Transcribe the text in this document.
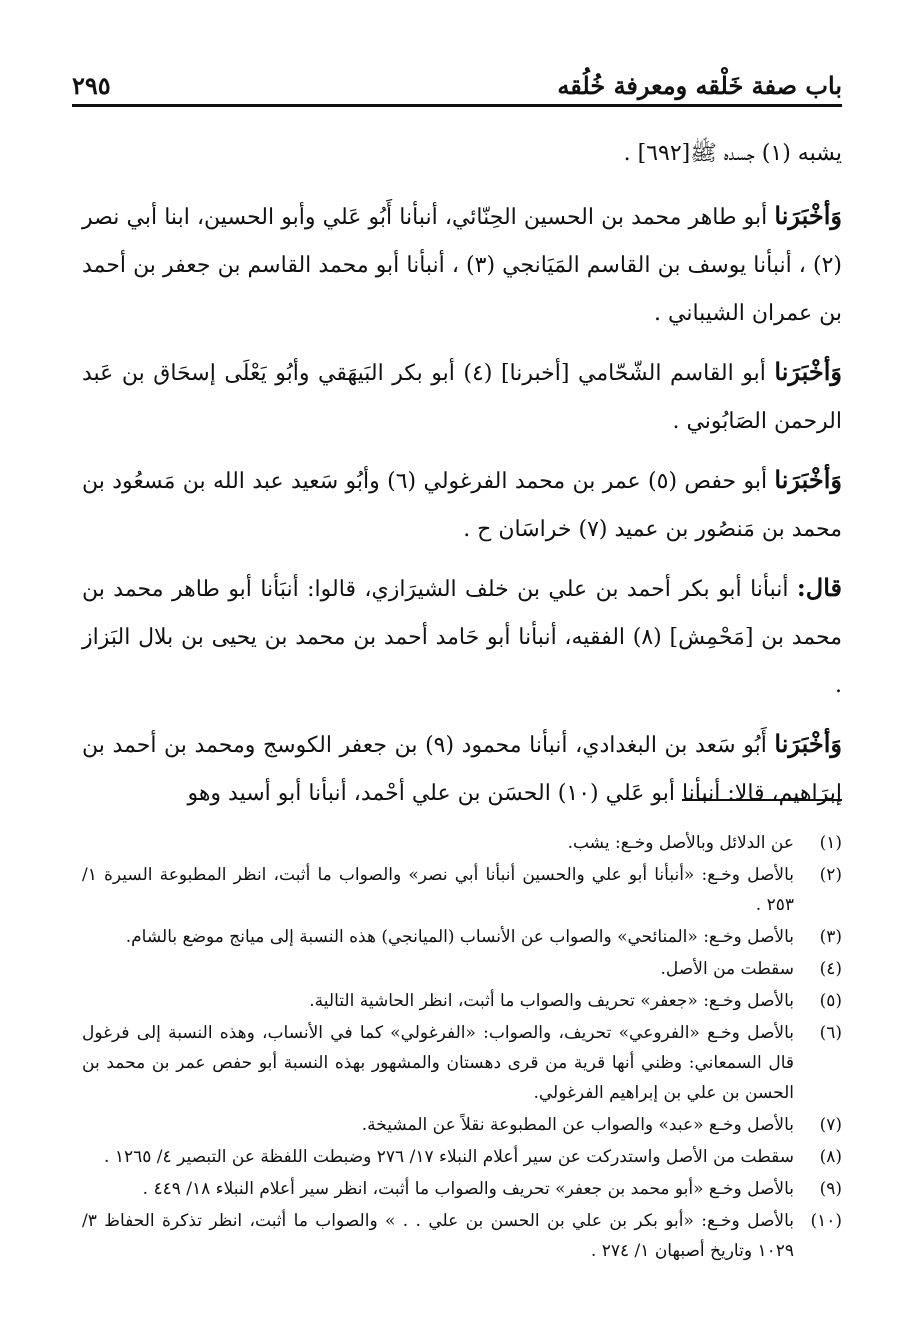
باب صفة خَلْقه ومعرفة خُلُقه
٢٩٥

يشبه (١) جسده ﷺ[٦٩٢] .

وَأخْبَرَنا أبو طاهر محمد بن الحسين الحِنّائي، أنبأنا أَبُو عَلي وأبو الحسين، ابنا أبي نصر (٢) ، أنبأنا يوسف بن القاسم المَيَانجي (٣) ، أنبأنا أبو محمد القاسم بن جعفر بن أحمد بن عمران الشيباني .

وَأخْبَرَنا أبو القاسم الشّحّامي [أخبرنا] (٤) أبو بكر البَيهَقي وأبُو يَعْلَى إسحَاق بن عَبد الرحمن الصَابُوني .

وَأخْبَرَنا أبو حفص (٥) عمر بن محمد الفرغولي (٦) وأبُو سَعيد عبد الله بن مَسعُود بن محمد بن مَنصُور بن عميد (٧) خراسَان ح .

قال: أنبأنا أبو بكر أحمد بن علي بن خلف الشيرَازي، قالوا: أنبَأنا أبو طاهر محمد بن محمد بن [مَحْمِش] (٨) الفقيه، أنبأنا أبو حَامد أحمد بن محمد بن يحيى بن بلال البَزاز .

وَأخْبَرَنا أَبُو سَعد بن البغدادي، أنبأنا محمود (٩) بن جعفر الكوسج ومحمد بن أحمد بن إبرَاهيم، قالا: أنبأنا أبو عَلي (١٠) الحسَن بن علي أحْمد، أنبأنا أبو أسيد وهو

(١)
عن الدلائل وبالأصل وخـع: يشب.
(٢)
بالأصل وخـع: «أنبأنا أبو علي والحسين أنبأنا أبي نصر» والصواب ما أثبت، انظر المطبوعة السيرة ١/ ٢٥٣ .
(٣)
بالأصل وخـع: «المنائحي» والصواب عن الأنساب (الميانجي) هذه النسبة إلى ميانج موضع بالشام.
(٤)
سقطت من الأصل.
(٥)
بالأصل وخـع: «جعفر» تحريف والصواب ما أثبت، انظر الحاشية التالية.
(٦)
بالأصل وخـع «الفروعي» تحريف، والصواب: «الفرغولي» كما في الأنساب، وهذه النسبة إلى فرغول قال السمعاني: وظني أنها قرية من قرى دهستان والمشهور بهذه النسبة أبو حفص عمر بن محمد بن الحسن بن علي بن إبراهيم الفرغولي.
(٧)
بالأصل وخـع «عبد» والصواب عن المطبوعة نقلاً عن المشيخة.
(٨)
سقطت من الأصل واستدركت عن سير أعلام النبلاء ١٧/ ٢٧٦ وضبطت اللفظة عن التبصير ٤/ ١٢٦٥ .
(٩)
بالأصل وخـع «أبو محمد بن جعفر» تحريف والصواب ما أثبت، انظر سير أعلام النبلاء ١٨/ ٤٤٩ .
(١٠)
بالأصل وخـع: «أبو بكر بن علي بن الحسن بن علي . . » والصواب ما أثبت، انظر تذكرة الحفاظ ٣/ ١٠٢٩ وتاريخ أصبهان ١/ ٢٧٤ .
